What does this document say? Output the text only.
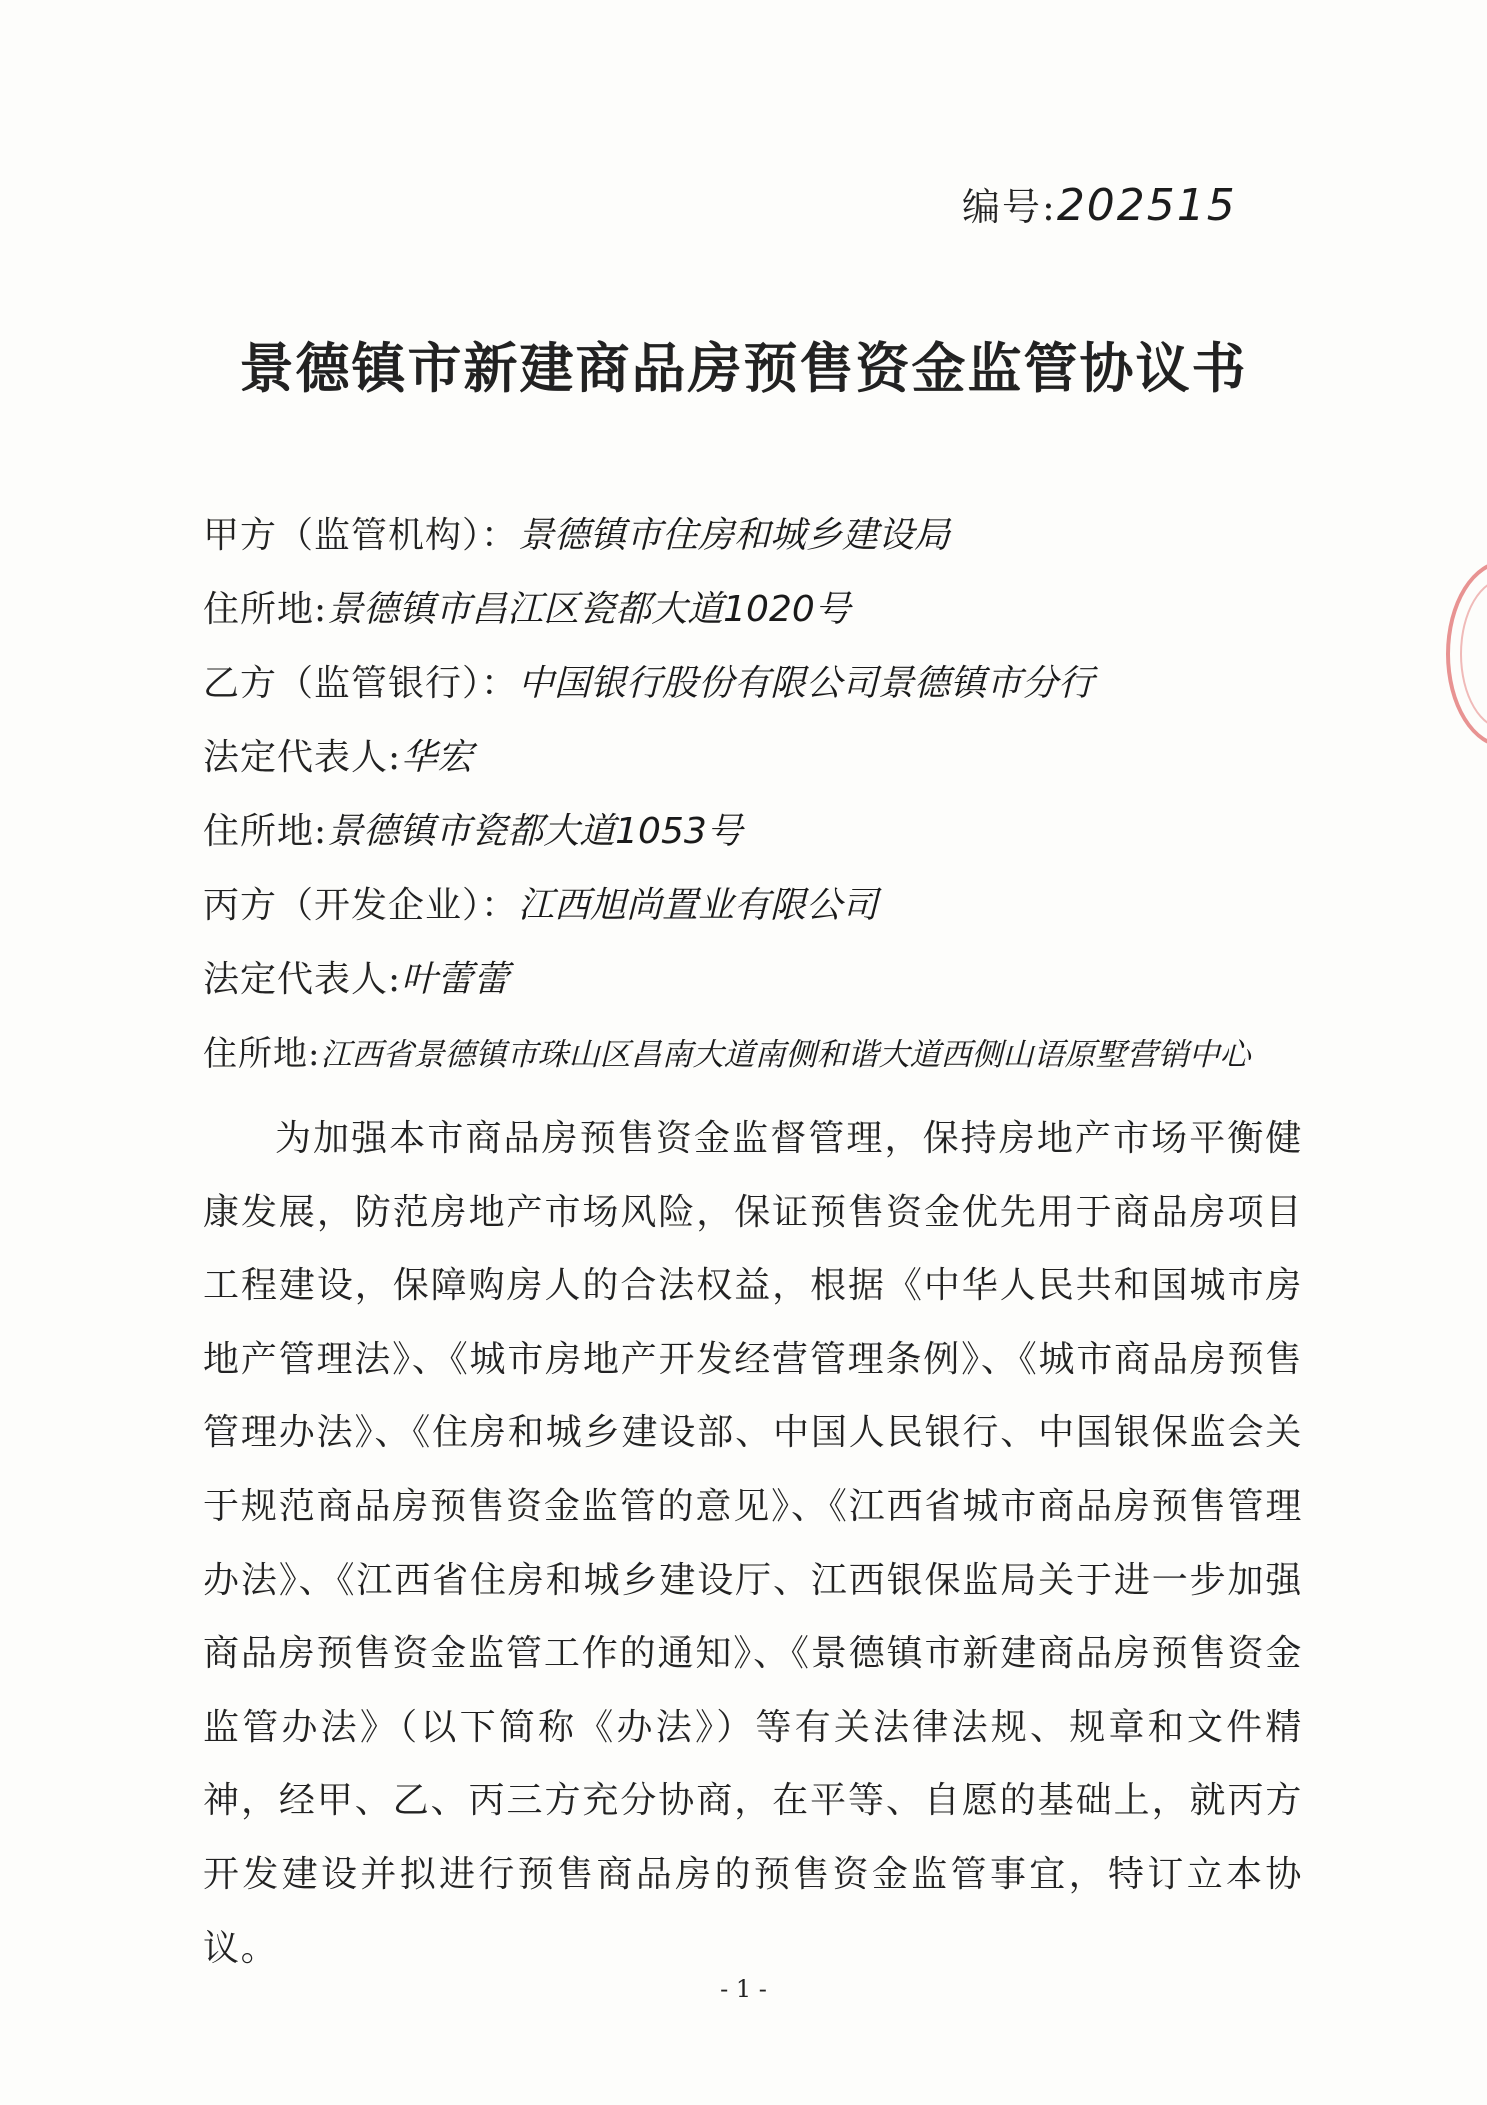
编号:202515
景德镇市新建商品房预售资金监管协议书
甲方（监管机构）：景德镇市住房和城乡建设局
住所地:景德镇市昌江区瓷都大道1020号
乙方（监管银行）：中国银行股份有限公司景德镇市分行
法定代表人:华宏
住所地:景德镇市瓷都大道1053号
丙方（开发企业）：江西旭尚置业有限公司
法定代表人:叶蕾蕾
住所地:江西省景德镇市珠山区昌南大道南侧和谐大道西侧山语原墅营销中心

为加强本市商品房预售资金监督管理，保持房地产市场平衡健康发展，防范房地产市场风险，保证预售资金优先用于商品房项目工程建设，保障购房人的合法权益，根据《中华人民共和国城市房地产管理法》、《城市房地产开发经营管理条例》、《城市商品房预售管理办法》、《住房和城乡建设部、中国人民银行、中国银保监会关于规范商品房预售资金监管的意见》、《江西省城市商品房预售管理办法》、《江西省住房和城乡建设厅、江西银保监局关于进一步加强商品房预售资金监管工作的通知》、《景德镇市新建商品房预售资金监管办法》（以下简称《办法》）等有关法律法规、规章和文件精神，经甲、乙、丙三方充分协商，在平等、自愿的基础上，就丙方开发建设并拟进行预售商品房的预售资金监管事宜，特订立本协议。

- 1 -
